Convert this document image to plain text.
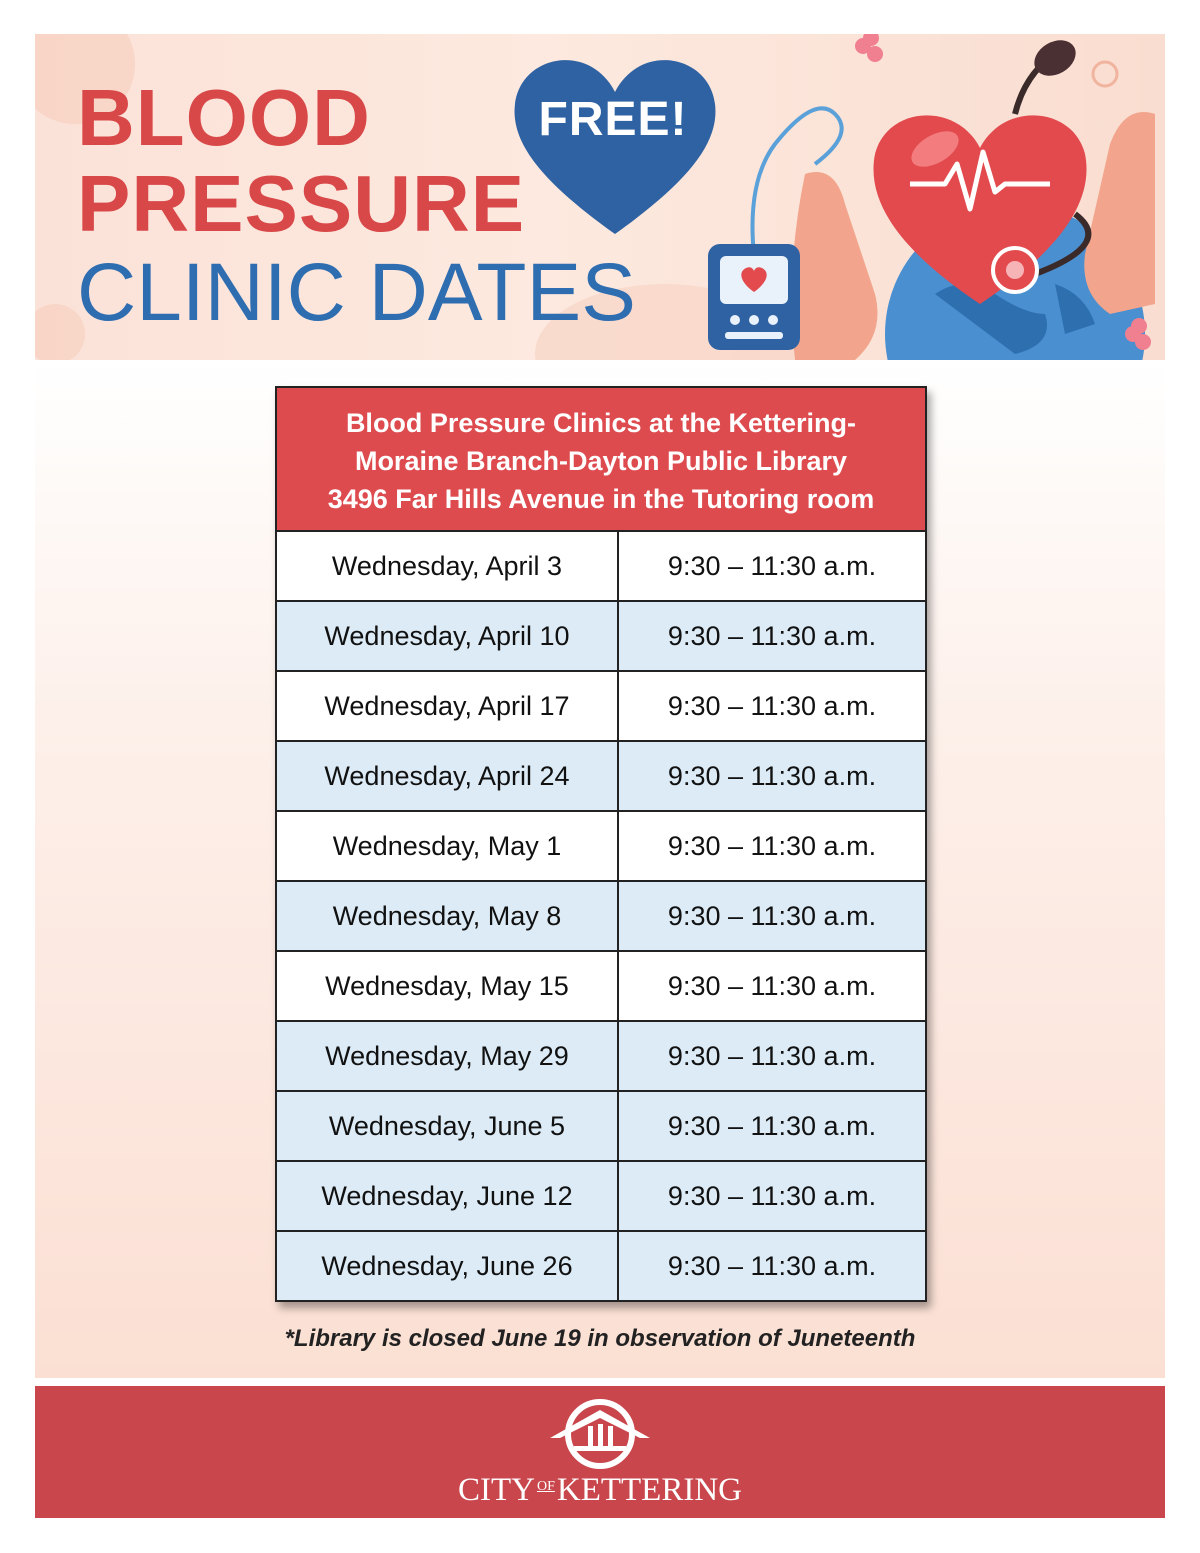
BLOOD
PRESSURE
CLINIC DATES
FREE!
Blood Pressure Clinics at the Kettering-
Moraine Branch-Dayton Public Library
3496 Far Hills Avenue in the Tutoring room
Wednesday, April 3	9:30 – 11:30 a.m.
Wednesday, April 10	9:30 – 11:30 a.m.
Wednesday, April 17	9:30 – 11:30 a.m.
Wednesday, April 24	9:30 – 11:30 a.m.
Wednesday, May 1	9:30 – 11:30 a.m.
Wednesday, May 8	9:30 – 11:30 a.m.
Wednesday, May 15	9:30 – 11:30 a.m.
Wednesday, May 29	9:30 – 11:30 a.m.
Wednesday, June 5	9:30 – 11:30 a.m.
Wednesday, June 12	9:30 – 11:30 a.m.
Wednesday, June 26	9:30 – 11:30 a.m.
*Library is closed June 19 in observation of Juneteenth
CITY $^{OF}$KETTERING
